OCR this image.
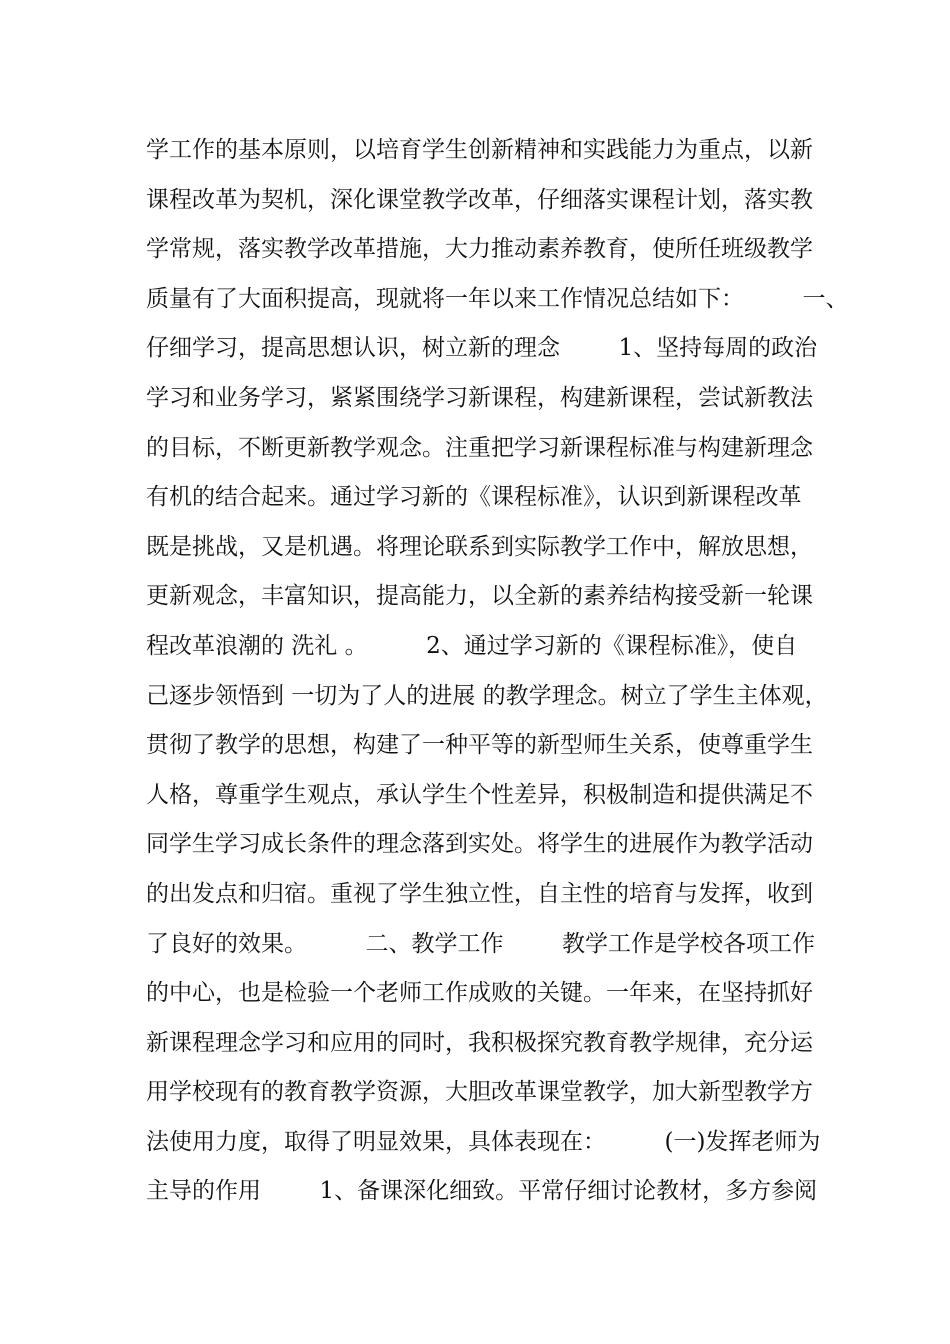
学工作的基本原则，以培育学生创新精神和实践能力为重点，以新
课程改革为契机，深化课堂教学改革，仔细落实课程计划，落实教
学常规，落实教学改革措施，大力推动素养教育，使所任班级教学
质量有了大面积提高，现就将一年以来工作情况总结如下：        一、
仔细学习，提高思想认识，树立新的理念        1、坚持每周的政治
学习和业务学习，紧紧围绕学习新课程，构建新课程，尝试新教法
的目标，不断更新教学观念。注重把学习新课程标准与构建新理念
有机的结合起来。通过学习新的《课程标准》，认识到新课程改革
既是挑战，又是机遇。将理论联系到实际教学工作中，解放思想，
更新观念，丰富知识，提高能力，以全新的素养结构接受新一轮课
程改革浪潮的 洗礼 。        2、通过学习新的《课程标准》，使自
己逐步领悟到 一切为了人的进展 的教学理念。树立了学生主体观，
贯彻了教学的思想，构建了一种平等的新型师生关系，使尊重学生
人格，尊重学生观点，承认学生个性差异，积极制造和提供满足不
同学生学习成长条件的理念落到实处。将学生的进展作为教学活动
的出发点和归宿。重视了学生独立性，自主性的培育与发挥，收到
了良好的效果。        二、教学工作        教学工作是学校各项工作
的中心，也是检验一个老师工作成败的关键。一年来，在坚持抓好
新课程理念学习和应用的同时，我积极探究教育教学规律，充分运
用学校现有的教育教学资源，大胆改革课堂教学，加大新型教学方
法使用力度，取得了明显效果，具体表现在：        (一)发挥老师为
主导的作用        1、备课深化细致。平常仔细讨论教材，多方参阅
